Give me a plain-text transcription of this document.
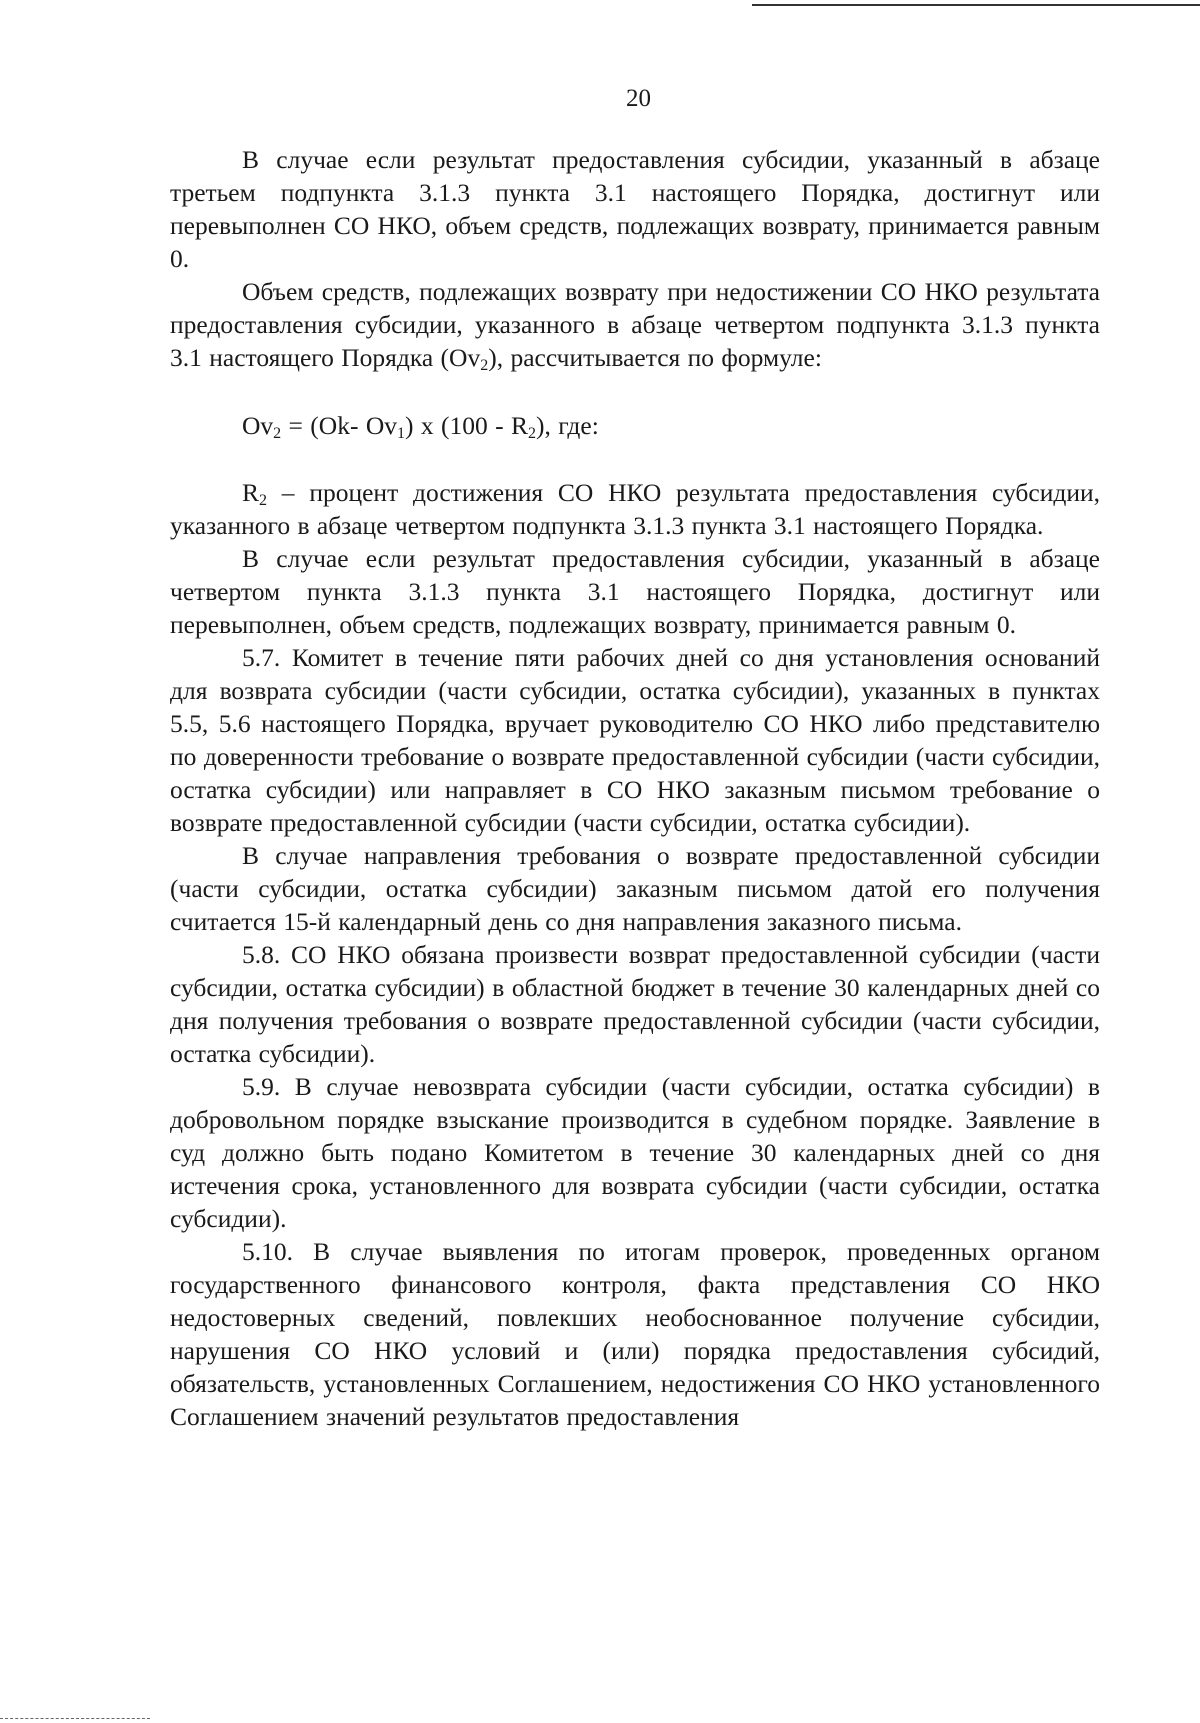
20

В случае если результат предоставления субсидии, указанный в абзаце третьем подпункта 3.1.3 пункта 3.1 настоящего Порядка, достигнут или перевыполнен СО НКО, объем средств, подлежащих возврату, принимается равным 0.

Объем средств, подлежащих возврату при недостижении СО НКО результата предоставления субсидии, указанного в абзаце четвертом подпункта 3.1.3 пункта 3.1 настоящего Порядка $(Ov_2)$, рассчитывается по формуле:

$Ov_2 = (Ok-$ $Ov_1$) x $(100 - R_2)$, где:

$R_2$ – процент достижения СО НКО результата предоставления субсидии, указанного в абзаце четвертом подпункта 3.1.3 пункта 3.1 настоящего Порядка.

В случае если результат предоставления субсидии, указанный в абзаце четвертом пункта 3.1.3 пункта 3.1 настоящего Порядка, достигнут или перевыполнен, объем средств, подлежащих возврату, принимается равным 0.

5.7. Комитет в течение пяти рабочих дней со дня установления оснований для возврата субсидии (части субсидии, остатка субсидии), указанных в пунктах 5.5, 5.6 настоящего Порядка, вручает руководителю СО НКО либо представителю по доверенности требование о возврате предоставленной субсидии (части субсидии, остатка субсидии) или направляет в СО НКО заказным письмом требование о возврате предоставленной субсидии (части субсидии, остатка субсидии).

В случае направления требования о возврате предоставленной субсидии (части субсидии, остатка субсидии) заказным письмом датой его получения считается 15-й календарный день со дня направления заказного письма.

5.8. СО НКО обязана произвести возврат предоставленной субсидии (части субсидии, остатка субсидии) в областной бюджет в течение 30 календарных дней со дня получения требования о возврате предоставленной субсидии (части субсидии, остатка субсидии).

5.9. В случае невозврата субсидии (части субсидии, остатка субсидии) в добровольном порядке взыскание производится в судебном порядке. Заявление в суд должно быть подано Комитетом в течение 30 календарных дней со дня истечения срока, установленного для возврата субсидии (части субсидии, остатка субсидии).

5.10. В случае выявления по итогам проверок, проведенных органом государственного финансового контроля, факта представления СО НКО недостоверных сведений, повлекших необоснованное получение субсидии, нарушения СО НКО условий и (или) порядка предоставления субсидий, обязательств, установленных Соглашением, недостижения СО НКО установленного Соглашением значений результатов предоставления
